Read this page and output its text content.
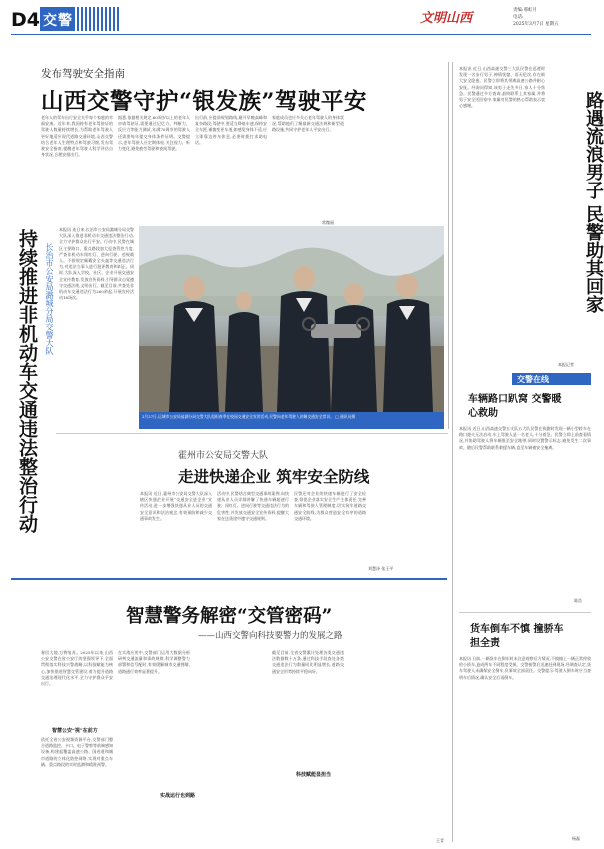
D4 交警	文明山西
责编:邢虹月
电话:
2025年3月7日 星期五
发布驾驶安全指南
山西交警守护“银发族”驾驶平安
老年人的驾车出行安全关乎每个家庭的幸福安康。近年来,我国持有老年驾驶证的驾驶人数量持续增长,为帮助老年驾驶人更好地适应现代道路交通环境,山西交警结合老年人生理特点和驾驶习惯,发布驾驶安全指南,提醒老年驾驶人科学评估自身状况,合理安排出行。
据悉,依据相关规定,60周岁以上的老年人申请驾驶证,需要通过记忆力、判断力、反应力等能力测试,年满70周岁的驾驶人还需要每年提交身体条件证明。交警提示,老年驾驶人应定期体检,关注视力、听力变化,避免疲劳驾驶和夜间驾驶。
出行前,应提前规划路线,避开早晚高峰和复杂路段;驾驶中,要适当降低车速,保持安全车距,谨慎变更车道;如感觉身体不适,应立即靠边停车休息,必要时拨打求助电话。
家庭成员也应多关心老年驾驶人的身体状况,帮助他们了解最新交通法规和新型道路设施,共同守护老年人平安出行。
常微丽
2月27日,运城市公安局盐湖分局交警大队组织春季在校园交通安全宣讲活动,民警向老年驾驶人讲解交通安全常识。 □ 通讯员摄
持续推进非机动车交通违法整治行动 长治市公安局潞城分局交警大队
本报讯 连日来,长治市公安局潞城分局交警大队深入推进非机动车交通违法整治行动,全力守护群众出行平安。行动中,民警在城区主要路口、重点路段加大巡查管控力度,严查非机动车闯红灯、逆向行驶、违规载人、不按规定佩戴安全头盔等交通违法行为,对违法当事人进行批评教育和纠正。同时,大队深入学校、社区、企业开展交通安全宣传教育,发放宣传资料,引导群众自觉遵守交通法规,文明出行。截至目前,共查处非机动车交通违法行为260余起,开展宣传活动16场次。
霍州市公安局交警大队
走进快递企业 筑牢安全防线
本报讯 近日,霍州市公安局交警大队深入辖区快递企业开展“交通安全进企业”宣传活动,进一步增强快递从业人员的交通安全意识和法治观念,有效预防和减少交通事故发生。
活动中,民警结合典型交通事故案例,向快递从业人员详细讲解了快递车辆超速行驶、闯红灯、逆向行驶等交通违法行为的危害性,并发放交通安全宣传资料,提醒大家在送货途中遵守交通规则。
民警还对企业的快递车辆进行了安全检查,督促企业落实安全生产主体责任,完善车辆和驾驶人管理制度,切实筑牢道路交通安全防线,为群众营造安全有序的道路交通环境。
刘慧泽 张王平
智慧警务解密“交管密码”
——山西交警向科技要警力的发展之路
春回大地,万物复苏。2025年以来,山西公安交警在省公安厅的坚强领导下,全面贯彻落实科技兴警战略,以科技赋能为核心,加快推进智慧交管建设,着力提升道路交通治理现代化水平,全力守护群众平安出行。
智慧公安“视”在前方
依托全省公安视频资源平台,交警部门整合道路监控、卡口、电子警察等前端感知设备,构建起覆盖高速公路、国省道和城市道路的立体化防控网络,实现对重点车辆、重点路段的实时监测和精准预警。
在实战应用中,交警部门运用大数据分析研判交通流量和事故规律,科学调整警力部署和信号配时,有效缓解城市交通拥堵,道路通行效率显著提升。
实战运行也到路
截至目前,全省交警累计处理各类交通违法数据数十万条,通过科技手段查处各类交通违法行为数量同比明显增长,道路交通安全形势持续平稳向好。
科技赋能显担当
王青
路遇流浪男子 民警助其回家
本报讯 近日,山西高速交警三大队民警在巡逻时发现一名步行男子,神情恍惚、语无伦次,存在极大安全隐患。民警立即将其带离高速公路并耐心安抚。经询问得知,该男子走失多日,家人十分焦急。民警通过多方查询,最终联系上其家属,并将男子安全送回家中,家属对民警的热心帮助表示衷心感谢。
本报记者
交警在线
车辆路口趴窝 交警暖心救助
本报讯 近日,山西高速交警五支队五大队民警在执勤时发现一辆小型轿车在路口熄火无法启动,车上驾驶人是一名老人,十分着急。民警立即上前查看情况,并协助驾驶人将车辆推至安全地带,同时设置警示标志,避免发生二次事故。随后民警帮助联系救援车辆,直至车辆被安全拖离。
陈浩
货车倒车不慎 撞骄车担全责
本报讯 日前,一辆货车在倒车时未注意观察后方情况,不慎撞上一辆正常停放的小轿车,造成两车不同程度受损。交警接警后迅速赶到现场,经调查认定,货车驾驶人未确保安全倒车,负事故全部责任。交警提示:驾驶人倒车时应当查明车后情况,确认安全后再倒车。
杨磊
